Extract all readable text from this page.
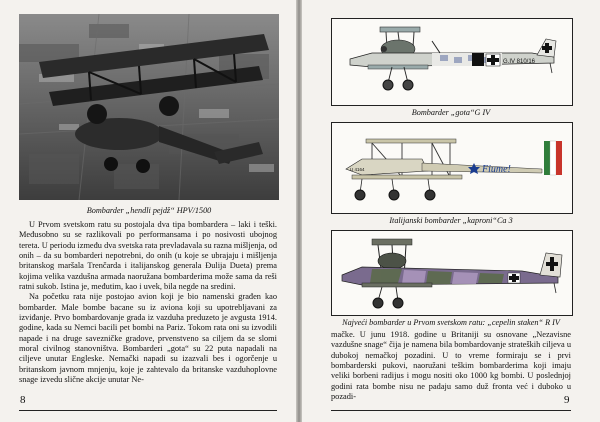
Bombarder „hendli pejdž“ HPV/1500

U Prvom svetskom ratu su postojala dva tipa bombardera – laki i teški. Međusobno su se razlikovali po performansama i po nosivosti ubojnog tereta. U periodu između dva svetska rata prevladavala su razna mišljenja, od onih – da su bombarderi nepotrebni, do onih (u koje se ubrajaju i mišljenja britanskog maršala Trenčarda i italijanskog generala Đulija Dueta) prema kojima velika vazdušna armada naoružana bombarderima može sama da reši ratni sukob. Istina je, međutim, kao i uvek, bila negde na sredini.

Na početku rata nije postojao avion koji je bio namenski građen kao bombarder. Male bombe bacane su iz aviona koji su upotrebljavani za izviđanje. Prvo bombardovanje grada iz vazduha preduzeto je avgusta 1914. godine, kada su Nemci bacili pet bombi na Pariz. Tokom rata oni su izvodili napade i na druge savezničke gradove, prvenstveno sa ciljem da se slomi moral civilnog stanovništva. Bombarderi „gota“ su 22 puta napadali na ciljeve unutar Engleske. Nemački napadi su izazvali bes i ogorčenje u britanskom javnom mnjenju, koje je zahtevalo da britanske vazduhoplovne snage izvedu slične akcije unutar Ne-

8
G.IV 810/16
Bombarder „gota“G IV
U 4164	Fiume!
Italijanski bombarder „kaproni“Ca 3
Najveći bombarder u Prvom svetskom ratu: „cepelin staken“ R IV

mačke. U junu 1918. godine u Britaniji su osnovane „Nezavisne vazdušne snage“ čija je namena bila bombardovanje strateških ciljeva u dubokoj nemačkoj pozadini. U to vreme formiraju se i prvi bombarderski pukovi, naoružani teškim bombarderima koji imaju veliki borbeni radijus i mogu nositi oko 1000 kg bombi. U poslednjoj godini rata bombe nisu ne padaju samo duž fronta već i duboko u pozadi-	9
